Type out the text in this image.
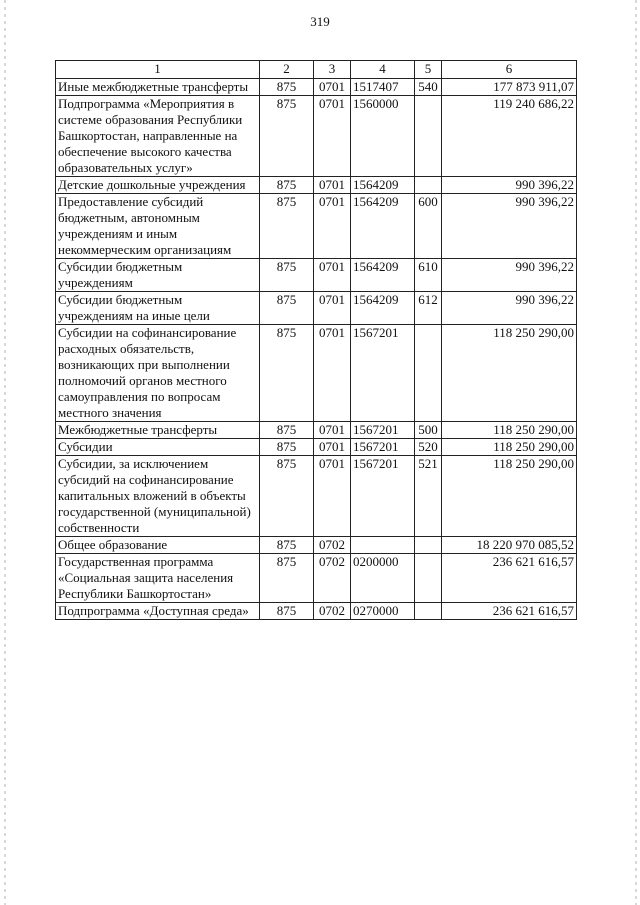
319
1	2	3	4	5	6
Иные межбюджетные трансферты	875	0701	1517407	540	177 873 911,07
Подпрограмма «Мероприятия в системе образования Республики Башкортостан, направленные на обеспечение высокого качества образовательных услуг»	875	0701	1560000		119 240 686,22
Детские дошкольные учреждения	875	0701	1564209		990 396,22
Предоставление субсидий бюджетным, автономным учреждениям и иным некоммерческим организациям	875	0701	1564209	600	990 396,22
Субсидии бюджетным учреждениям	875	0701	1564209	610	990 396,22
Субсидии бюджетным учреждениям на иные цели	875	0701	1564209	612	990 396,22
Субсидии на софинансирование расходных обязательств, возникающих при выполнении полномочий органов местного самоуправления по вопросам местного значения	875	0701	1567201		118 250 290,00
Межбюджетные трансферты	875	0701	1567201	500	118 250 290,00
Субсидии	875	0701	1567201	520	118 250 290,00
Субсидии, за исключением субсидий на софинансирование капитальных вложений в объекты государственной (муниципальной) собственности	875	0701	1567201	521	118 250 290,00
Общее образование	875	0702			18 220 970 085,52
Государственная программа «Социальная защита населения Республики Башкортостан»	875	0702	0200000		236 621 616,57
Подпрограмма «Доступная среда»	875	0702	0270000		236 621 616,57
